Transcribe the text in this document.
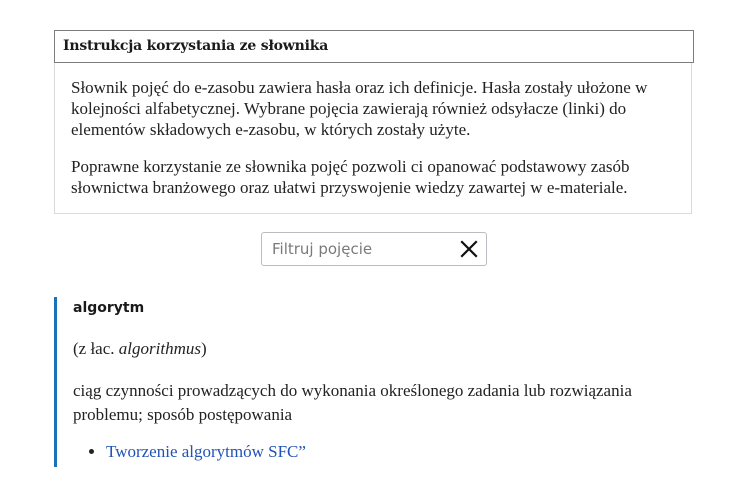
Instrukcja korzystania ze słownika

Słownik pojęć do e-zasobu zawiera hasła oraz ich definicje. Hasła zostały ułożone w kolejności alfabetycznej. Wybrane pojęcia zawierają również odsyłacze (linki) do elementów składowych e-zasobu, w których zostały użyte.

Poprawne korzystanie ze słownika pojęć pozwoli ci opanować podstawowy zasób słownictwa branżowego oraz ułatwi przyswojenie wiedzy zawartej w e-materiale.

Filtruj pojęcie
algorytm
(z łac. algorithmus)
ciąg czynności prowadzących do wykonania określonego zadania lub rozwiązania problemu; sposób postępowania
• Tworzenie algorytmów SFC”
